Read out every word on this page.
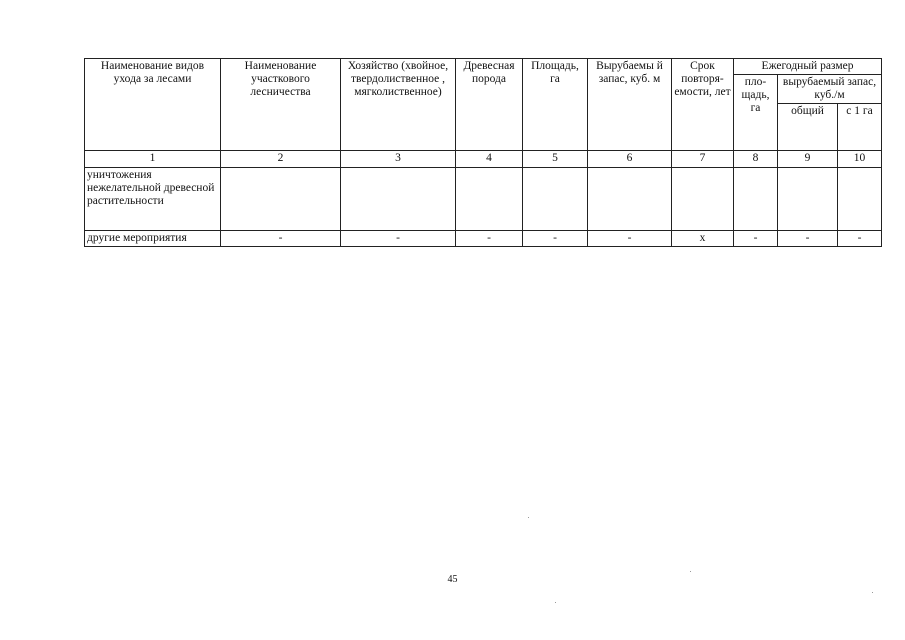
Наименование видов ухода за лесами	Наименование участкового лесничества	Хозяйство (хвойное, твердолиственное , мягколиственное)	Древесная порода	Площадь, га	Вырубаемы й запас, куб. м	Срок повторя- емости, лет	Ежегодный размер		
							пло- щадь, га	вырубаемый запас, куб./м	
								общий	с 1 га
1	2	3	4	5	6	7	8	9	10
уничтожения нежелательной древесной растительности									
другие мероприятия	-	-	-	-	-	х	-	-	-
45
